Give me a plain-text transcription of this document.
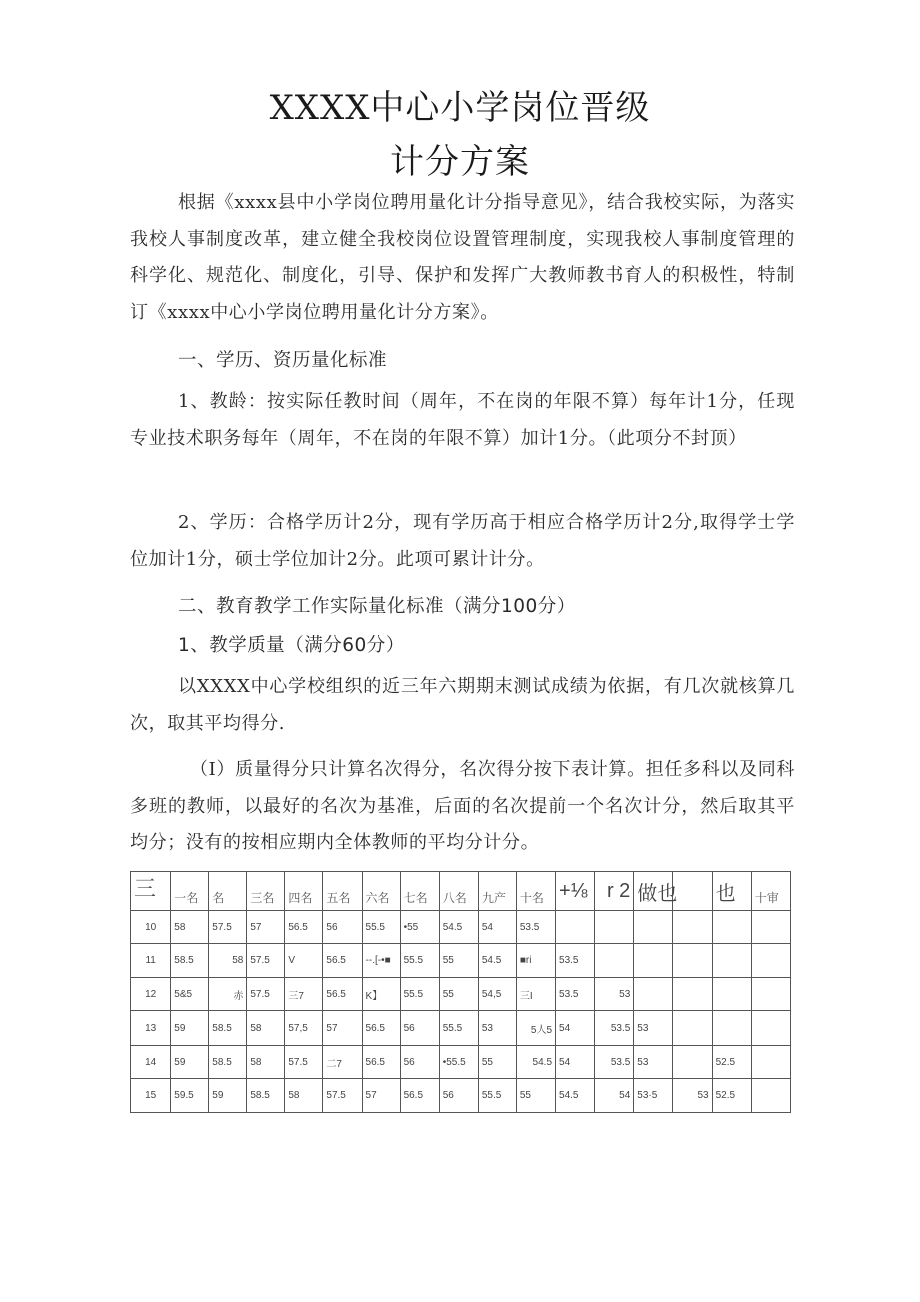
XXXX中心小学岗位晋级
计分方案
根据《xxxx县中小学岗位聘用量化计分指导意见》，结合我校实际，为落实我校人事制度改革，建立健全我校岗位设置管理制度，实现我校人事制度管理的科学化、规范化、制度化，引导、保护和发挥广大教师教书育人的积极性，特制订《xxxx中心小学岗位聘用量化计分方案》。
一、学历、资历量化标准
1、教龄：按实际任教时间（周年，不在岗的年限不算）每年计1分，任现专业技术职务每年（周年，不在岗的年限不算）加计1分。（此项分不封顶）
2、学历：合格学历计2分，现有学历高于相应合格学历计2分,取得学士学位加计1分，硕士学位加计2分。此项可累计计分。
二、教育教学工作实际量化标准（满分100分）
1、教学质量（满分60分）
以XXXX中心学校组织的近三年六期期末测试成绩为依据，有几次就核算几次，取其平均得分.
（I）质量得分只计算名次得分，名次得分按下表计算。担任多科以及同科多班的教师，以最好的名次为基准，后面的名次提前一个名次计分，然后取其平均分；没有的按相应期内全体教师的平均分计分。
三	一名	名	三名	四名	五名	六名	七名	八名	九产	十名	+⅛	r 2	做也		也	十审
10	58	57.5	57	56.5	56	55.5	•55	54.5	54	53.5						
11	58.5	58	57.5	V	56.5	--.[-•■	55.5	55	54.5	■ri	53.5					
12	5&5	赤	57.5	三7	56.5	K】	55.5	55	54,5	三I	53.5	53				
13	59	58.5	58	57,5	57	56.5	56	55.5	53	5人5	54	53.5	53			
14	59	58.5	58	57.5	二7	56.5	56	•55.5	55	54.5	54	53.5	53		52.5	
15	59.5	59	58.5	58	57.5	57	56.5	56	55.5	55	54.5	54	53·5	53	52.5	
